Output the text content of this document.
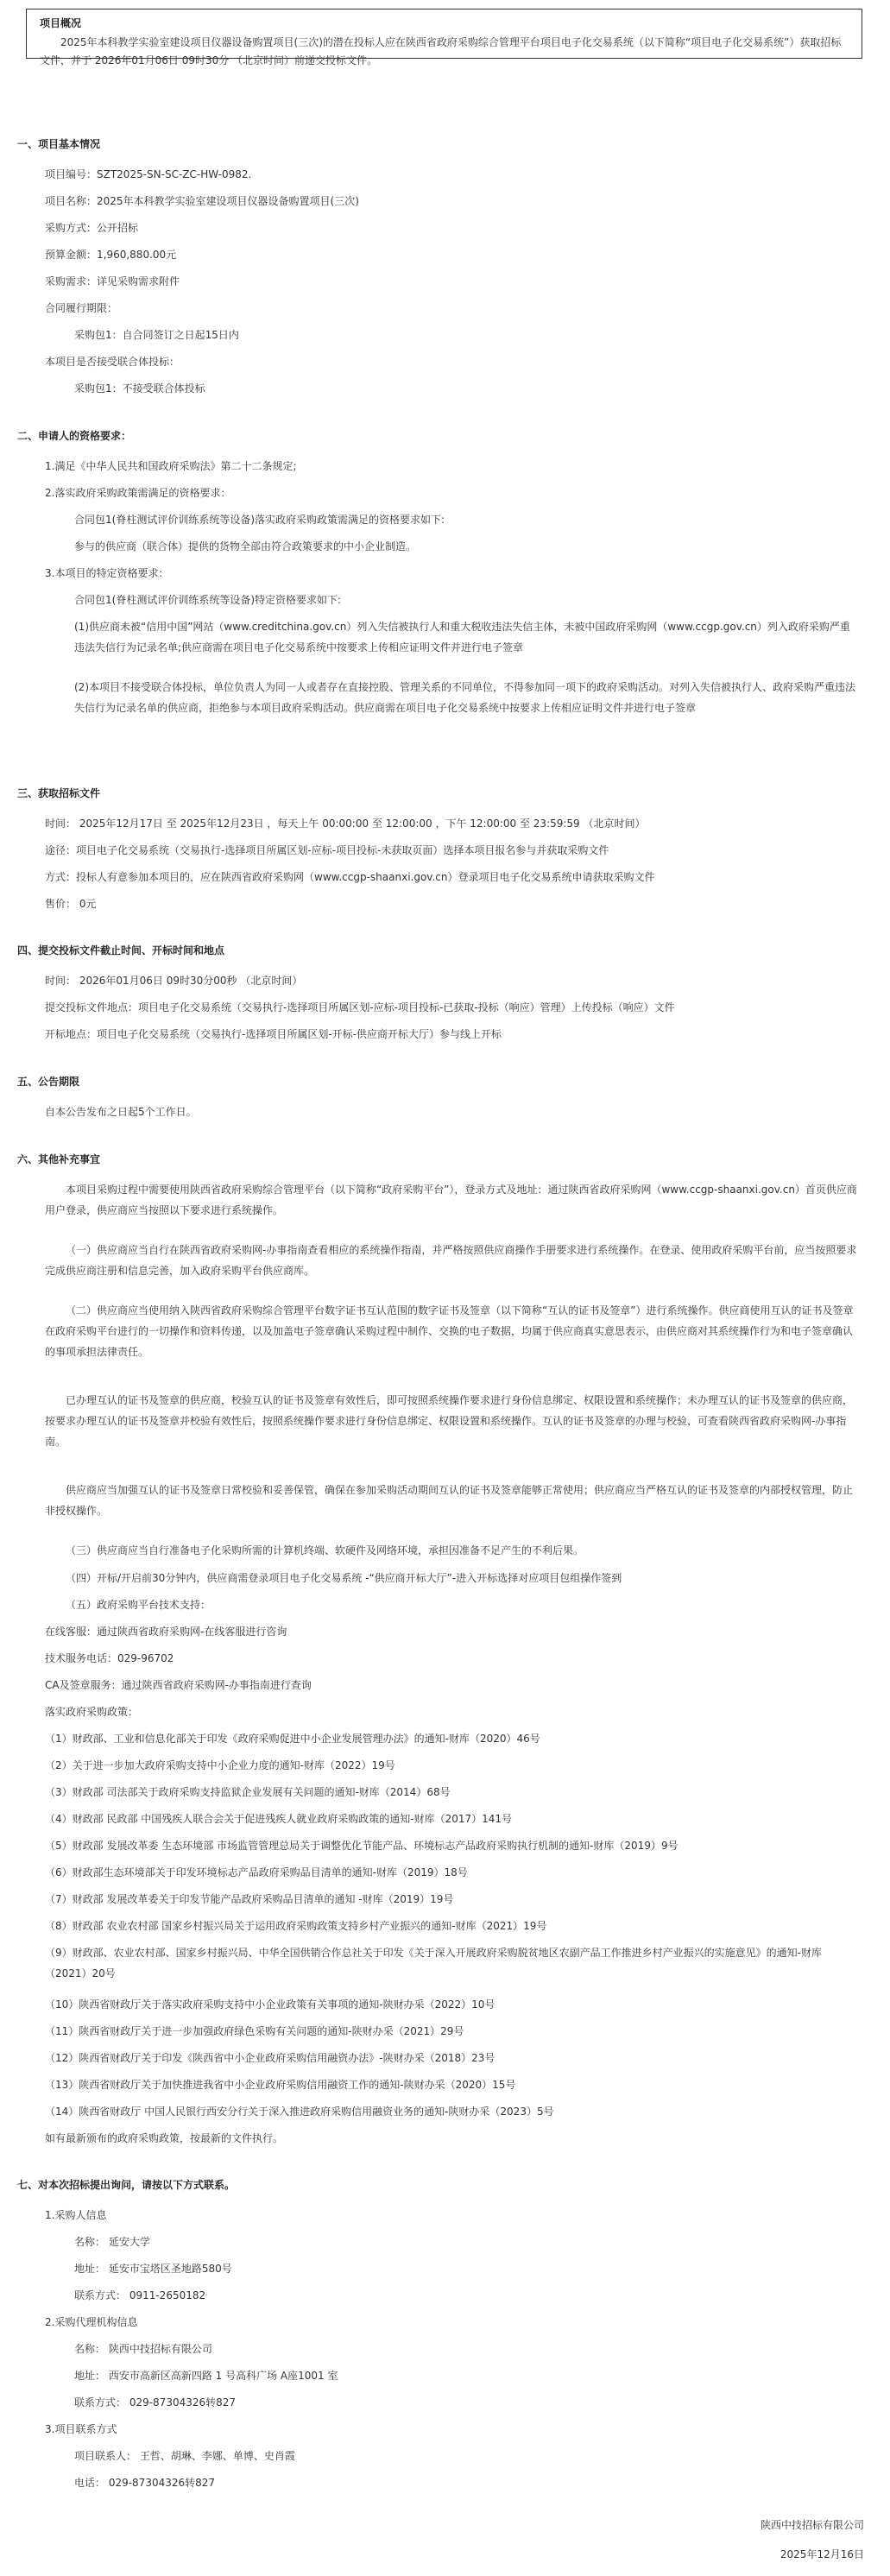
项目概况
2025年本科教学实验室建设项目仪器设备购置项目(三次)的潜在投标人应在陕西省政府采购综合管理平台项目电子化交易系统（以下简称“项目电子化交易系统”）获取招标文件，并于 2026年01月06日 09时30分 （北京时间）前递交投标文件。
一、项目基本情况
项目编号：SZT2025-SN-SC-ZC-HW-0982.
项目名称：2025年本科教学实验室建设项目仪器设备购置项目(三次)
采购方式：公开招标
预算金额：1,960,880.00元
采购需求：详见采购需求附件
合同履行期限：
采购包1：自合同签订之日起15日内
本项目是否接受联合体投标：
采购包1：不接受联合体投标
二、申请人的资格要求：
1.满足《中华人民共和国政府采购法》第二十二条规定;
2.落实政府采购政策需满足的资格要求：
合同包1(脊柱测试评价训练系统等设备)落实政府采购政策需满足的资格要求如下:
参与的供应商（联合体）提供的货物全部由符合政策要求的中小企业制造。
3.本项目的特定资格要求：
合同包1(脊柱测试评价训练系统等设备)特定资格要求如下:
(1)供应商未被“信用中国”网站（www.creditchina.gov.cn）列入失信被执行人和重大税收违法失信主体，未被中国政府采购网（www.ccgp.gov.cn）列入政府采购严重违法失信行为记录名单;供应商需在项目电子化交易系统中按要求上传相应证明文件并进行电子签章
(2)本项目不接受联合体投标，单位负责人为同一人或者存在直接控股、管理关系的不同单位，不得参加同一项下的政府采购活动。对列入失信被执行人、政府采购严重违法失信行为记录名单的供应商，拒绝参与本项目政府采购活动。供应商需在项目电子化交易系统中按要求上传相应证明文件并进行电子签章
三、获取招标文件
时间： 2025年12月17日 至 2025年12月23日 ，每天上午 00:00:00 至 12:00:00 ，下午 12:00:00 至 23:59:59 （北京时间）
途径：项目电子化交易系统（交易执行-选择项目所属区划-应标-项目投标-未获取页面）选择本项目报名参与并获取采购文件
方式：投标人有意参加本项目的，应在陕西省政府采购网（www.ccgp-shaanxi.gov.cn）登录项目电子化交易系统申请获取采购文件
售价： 0元
四、提交投标文件截止时间、开标时间和地点
时间： 2026年01月06日 09时30分00秒 （北京时间）
提交投标文件地点：项目电子化交易系统（交易执行-选择项目所属区划-应标-项目投标-已获取-投标（响应）管理）上传投标（响应）文件
开标地点：项目电子化交易系统（交易执行-选择项目所属区划-开标-供应商开标大厅）参与线上开标
五、公告期限
自本公告发布之日起5个工作日。
六、其他补充事宜
本项目采购过程中需要使用陕西省政府采购综合管理平台（以下简称“政府采购平台”），登录方式及地址：通过陕西省政府采购网（www.ccgp-shaanxi.gov.cn）首页供应商用户登录，供应商应当按照以下要求进行系统操作。
（一）供应商应当自行在陕西省政府采购网-办事指南查看相应的系统操作指南，并严格按照供应商操作手册要求进行系统操作。在登录、使用政府采购平台前，应当按照要求完成供应商注册和信息完善，加入政府采购平台供应商库。
（二）供应商应当使用纳入陕西省政府采购综合管理平台数字证书互认范围的数字证书及签章（以下简称“互认的证书及签章”）进行系统操作。供应商使用互认的证书及签章在政府采购平台进行的一切操作和资料传递，以及加盖电子签章确认采购过程中制作、交换的电子数据，均属于供应商真实意思表示，由供应商对其系统操作行为和电子签章确认的事项承担法律责任。
已办理互认的证书及签章的供应商，校验互认的证书及签章有效性后，即可按照系统操作要求进行身份信息绑定、权限设置和系统操作；未办理互认的证书及签章的供应商，按要求办理互认的证书及签章并校验有效性后，按照系统操作要求进行身份信息绑定、权限设置和系统操作。互认的证书及签章的办理与校验，可查看陕西省政府采购网-办事指南。
供应商应当加强互认的证书及签章日常校验和妥善保管，确保在参加采购活动期间互认的证书及签章能够正常使用；供应商应当严格互认的证书及签章的内部授权管理，防止非授权操作。
（三）供应商应当自行准备电子化采购所需的计算机终端、软硬件及网络环境，承担因准备不足产生的不利后果。
（四）开标/开启前30分钟内，供应商需登录项目电子化交易系统 -“供应商开标大厅”-进入开标选择对应项目包组操作签到
（五）政府采购平台技术支持：
在线客服：通过陕西省政府采购网-在线客服进行咨询
技术服务电话：029-96702
CA及签章服务：通过陕西省政府采购网-办事指南进行查询
落实政府采购政策：
（1）财政部、工业和信息化部关于印发《政府采购促进中小企业发展管理办法》的通知-财库（2020）46号
（2）关于进一步加大政府采购支持中小企业力度的通知-财库（2022）19号
（3）财政部 司法部关于政府采购支持监狱企业发展有关问题的通知-财库（2014）68号
（4）财政部 民政部 中国残疾人联合会关于促进残疾人就业政府采购政策的通知-财库（2017）141号
（5）财政部 发展改革委 生态环境部 市场监管管理总局关于调整优化节能产品、环境标志产品政府采购执行机制的通知-财库（2019）9号
（6）财政部生态环境部关于印发环境标志产品政府采购品目清单的通知-财库（2019）18号
（7）财政部 发展改革委关于印发节能产品政府采购品目清单的通知 -财库（2019）19号
（8）财政部 农业农村部 国家乡村振兴局关于运用政府采购政策支持乡村产业振兴的通知-财库（2021）19号
（9）财政部、农业农村部、国家乡村振兴局、中华全国供销合作总社关于印发《关于深入开展政府采购脱贫地区农副产品工作推进乡村产业振兴的实施意见》的通知-财库（2021）20号
（10）陕西省财政厅关于落实政府采购支持中小企业政策有关事项的通知-陕财办采（2022）10号
（11）陕西省财政厅关于进一步加强政府绿色采购有关问题的通知-陕财办采（2021）29号
（12）陕西省财政厅关于印发《陕西省中小企业政府采购信用融资办法》-陕财办采（2018）23号
（13）陕西省财政厅关于加快推进我省中小企业政府采购信用融资工作的通知-陕财办采（2020）15号
（14）陕西省财政厅 中国人民银行西安分行关于深入推进政府采购信用融资业务的通知-陕财办采（2023）5号
如有最新颁布的政府采购政策，按最新的文件执行。
七、对本次招标提出询问，请按以下方式联系。
1.采购人信息
名称： 延安大学
地址： 延安市宝塔区圣地路580号
联系方式： 0911-2650182
2.采购代理机构信息
名称： 陕西中技招标有限公司
地址： 西安市高新区高新四路 1 号高科广场 A座1001 室
联系方式： 029-87304326转827
3.项目联系方式
项目联系人： 王哲、胡琳、李娜、单博、史肖霞
电话： 029-87304326转827
陕西中技招标有限公司
2025年12月16日
